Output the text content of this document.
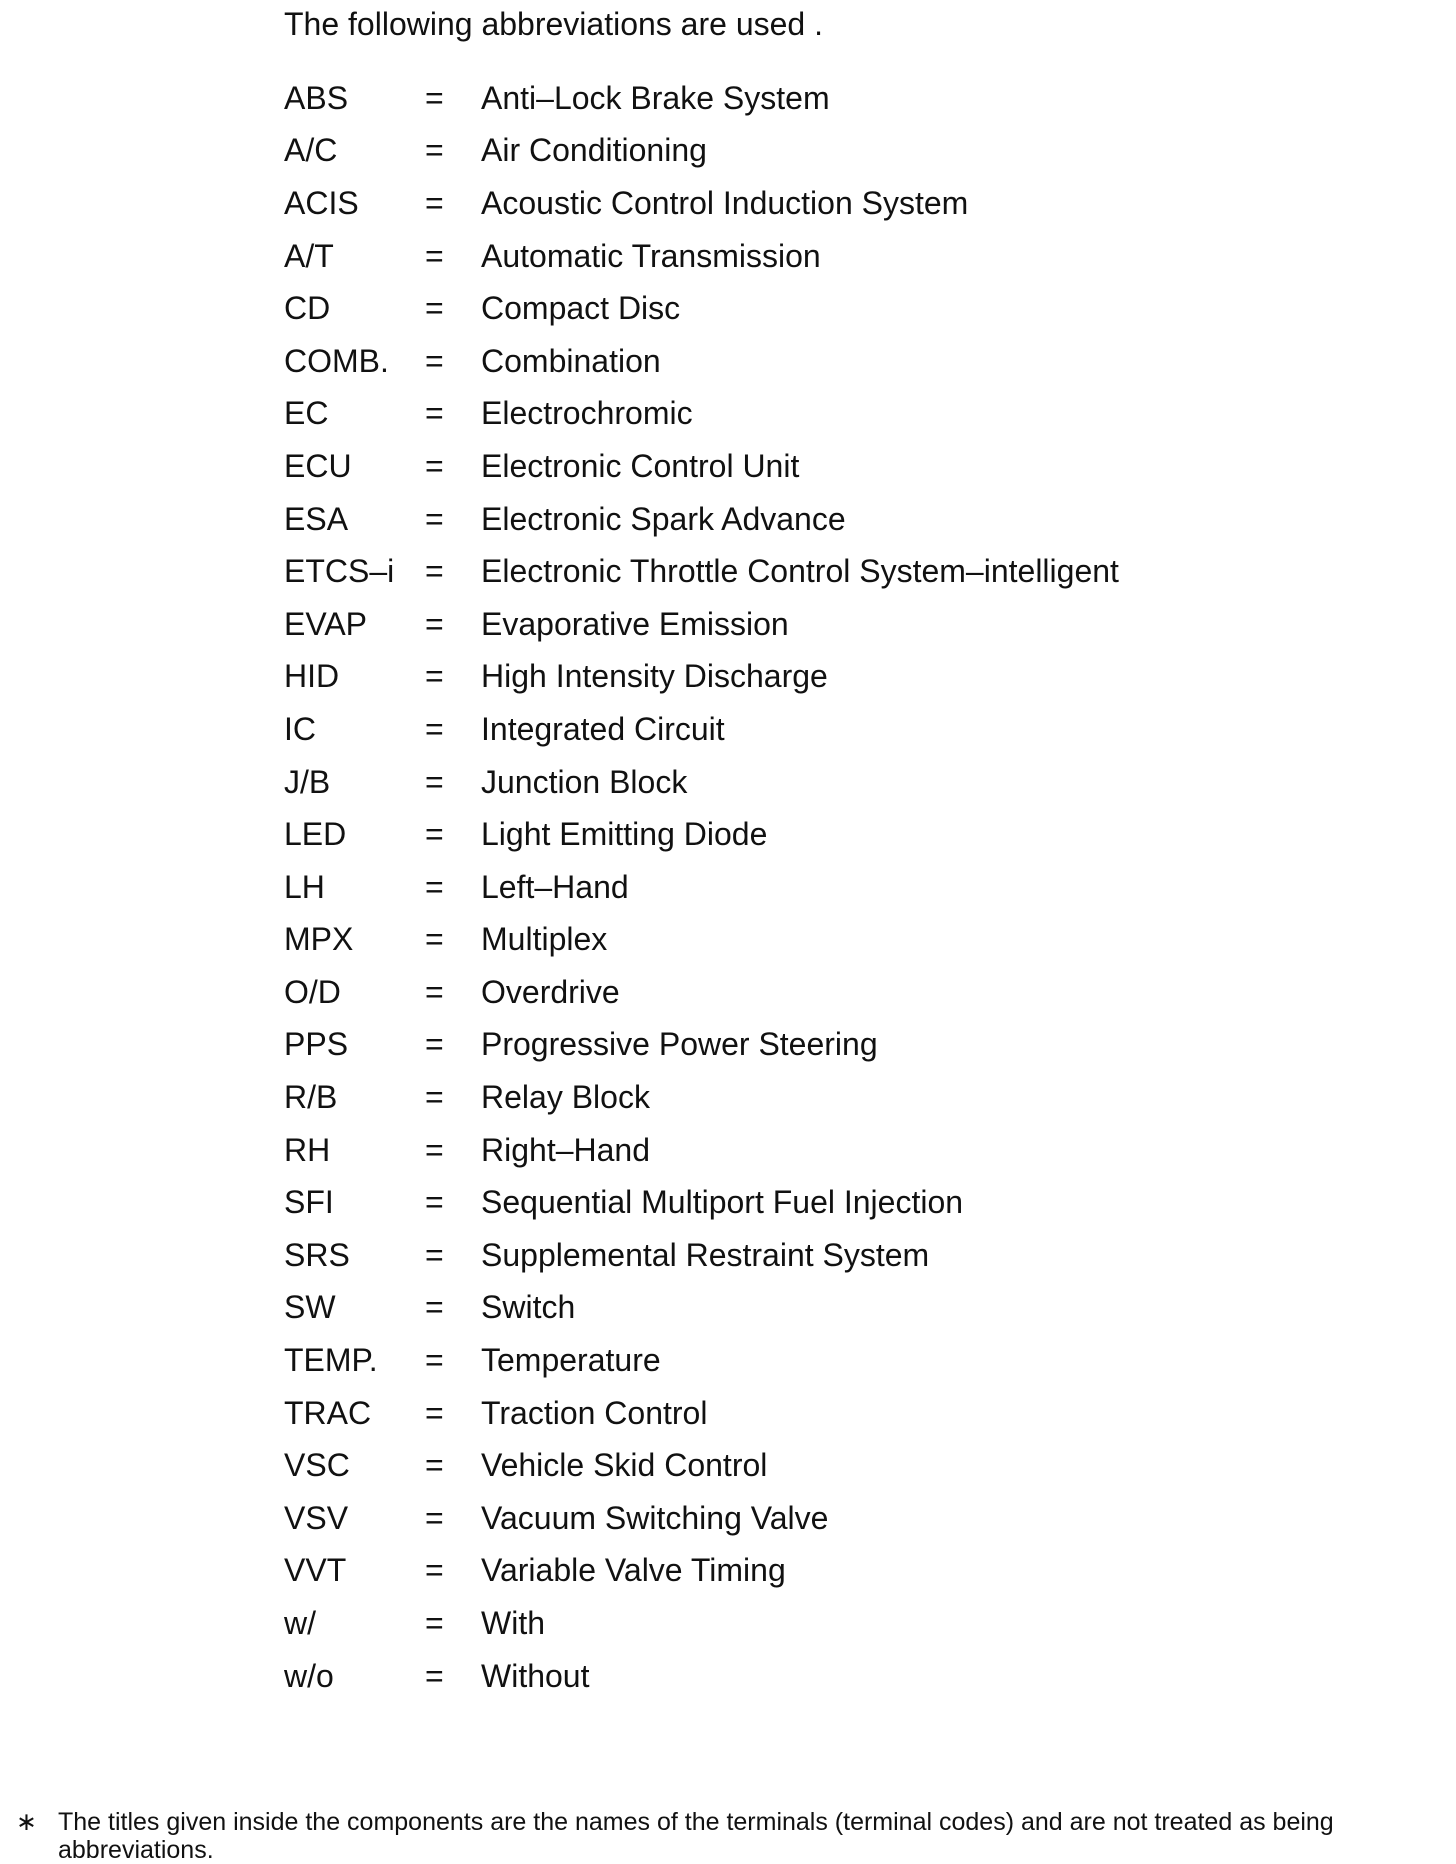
The following abbreviations are used .
ABS	=	Anti–Lock Brake System
A/C	=	Air Conditioning
ACIS	=	Acoustic Control Induction System
A/T	=	Automatic Transmission
CD	=	Compact Disc
COMB.	=	Combination
EC	=	Electrochromic
ECU	=	Electronic Control Unit
ESA	=	Electronic Spark Advance
ETCS–i =	Electronic Throttle Control System–intelligent
EVAP	=	Evaporative Emission
HID	=	High Intensity Discharge
IC	=	Integrated Circuit
J/B	=	Junction Block
LED	=	Light Emitting Diode
LH	=	Left–Hand
MPX	=	Multiplex
O/D	=	Overdrive
PPS	=	Progressive Power Steering
R/B	=	Relay Block
RH	=	Right–Hand
SFI	=	Sequential Multiport Fuel Injection
SRS	=	Supplemental Restraint System
SW	=	Switch
TEMP.	=	Temperature
TRAC	=	Traction Control
VSC	=	Vehicle Skid Control
VSV	=	Vacuum Switching Valve
VVT	=	Variable Valve Timing
w/	=	With
w/o	=	Without
∗ The titles given inside the components are the names of the terminals (terminal codes) and are not treated as being abbreviations.
